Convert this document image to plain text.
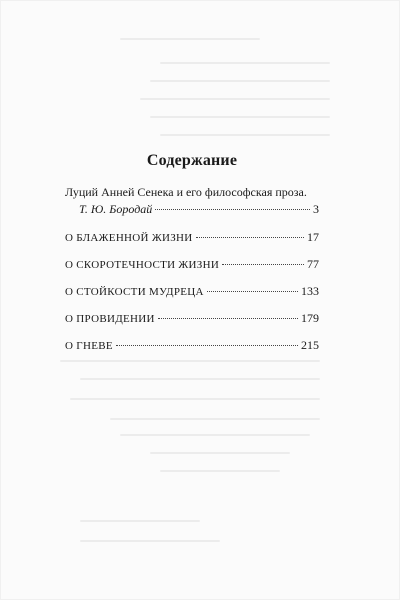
Содержание
Луций Анней Сенека и его философская проза.
Т. Ю. Бородай	3
О БЛАЖЕННОЙ ЖИЗНИ	17
О СКОРОТЕЧНОСТИ ЖИЗНИ	77
О СТОЙКОСТИ МУДРЕЦА	133
О ПРОВИДЕНИИ	179
О ГНЕВЕ	215
